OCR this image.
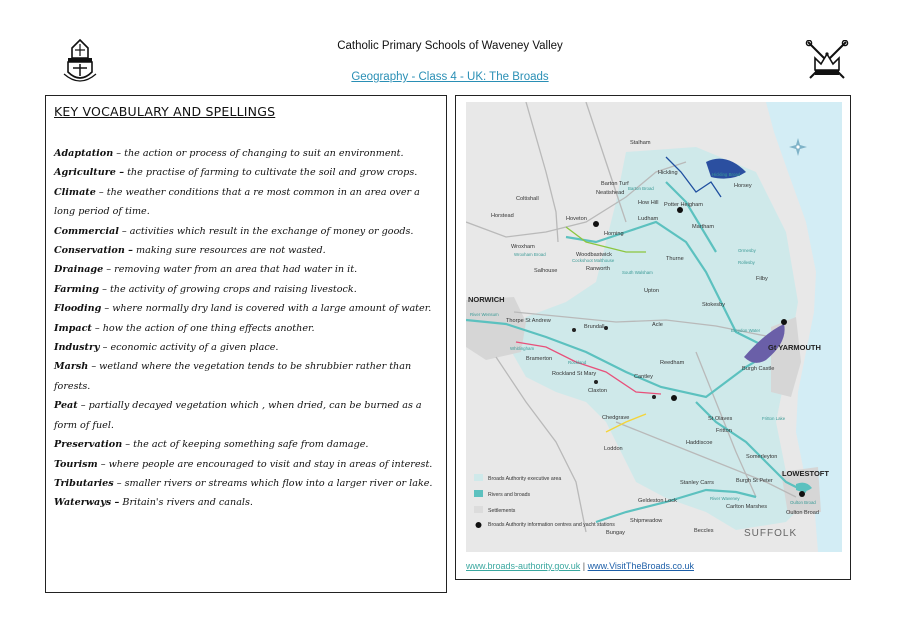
Catholic Primary Schools of Waveney Valley
Geography - Class 4 - UK: The Broads
KEY VOCABULARY AND SPELLINGS
Adaptation – the action or process of changing to suit an environment.
Agriculture – the practise of farming to cultivate the soil and grow crops.
Climate – the weather conditions that a re most common in an area over a long period of time.
Commercial – activities which result in the exchange of money or goods.
Conservation – making sure resources are not wasted.
Drainage – removing water from an area that had water in it.
Farming – the activity of growing crops and raising livestock.
Flooding – where normally dry land is covered with a large amount of water.
Impact – how the action of one thing effects another.
Industry – economic activity of a given place.
Marsh – wetland where the vegetation tends to be shrubbier rather than forests.
Peat – partially decayed vegetation which , when dried, can be burned as a form of fuel.
Preservation – the act of keeping something safe from damage.
Tourism – where people are encouraged to visit and stay in areas of interest.
Tributaries – smaller rivers or streams which flow into a larger river or lake.
Waterways – Britain's rivers and canals.
Stalham
Hickling
Horsey
Barton Turf
Neatishead
Coltishall
Horstead
How Hill
Ludham
Potter Heigham
Martham
Hoveton
Horning
Wroxham
Thurne
Woodbastwick
Ranworth
Salhouse
Filby
Upton
Stokesby
Thorpe St Andrew
Brundall	Acle
Bramerton
Rockland St Mary
Claxton
Cantley
Reedham
Burgh Castle
Chedgrave	St Olaves
Fritton
Loddon
Haddiscoe
Somerleyton
Stanley Carrs	Burgh St Peter
Geldeston Lock
Shipmeadow
Bungay	Beccles
Carlton Marshes
Oulton Broad
NORWICH
Gt YARMOUTH
LOWESTOFT
SUFFOLK
Hickling Broad
Barton Broad
Wroxham Broad
Cockshoot Malthouse
South Walsham
Ormesby
Rollesby
Breydon Water
Rockland
River Wensum
Whitlingham
Fritton Lake
River Waveney
Oulton Broad
Broads Authority executive area
Rivers and broads
Settlements
Broads Authority information centres and yacht stations
www.broads-authority.gov.uk | www.VisitTheBroads.co.uk
